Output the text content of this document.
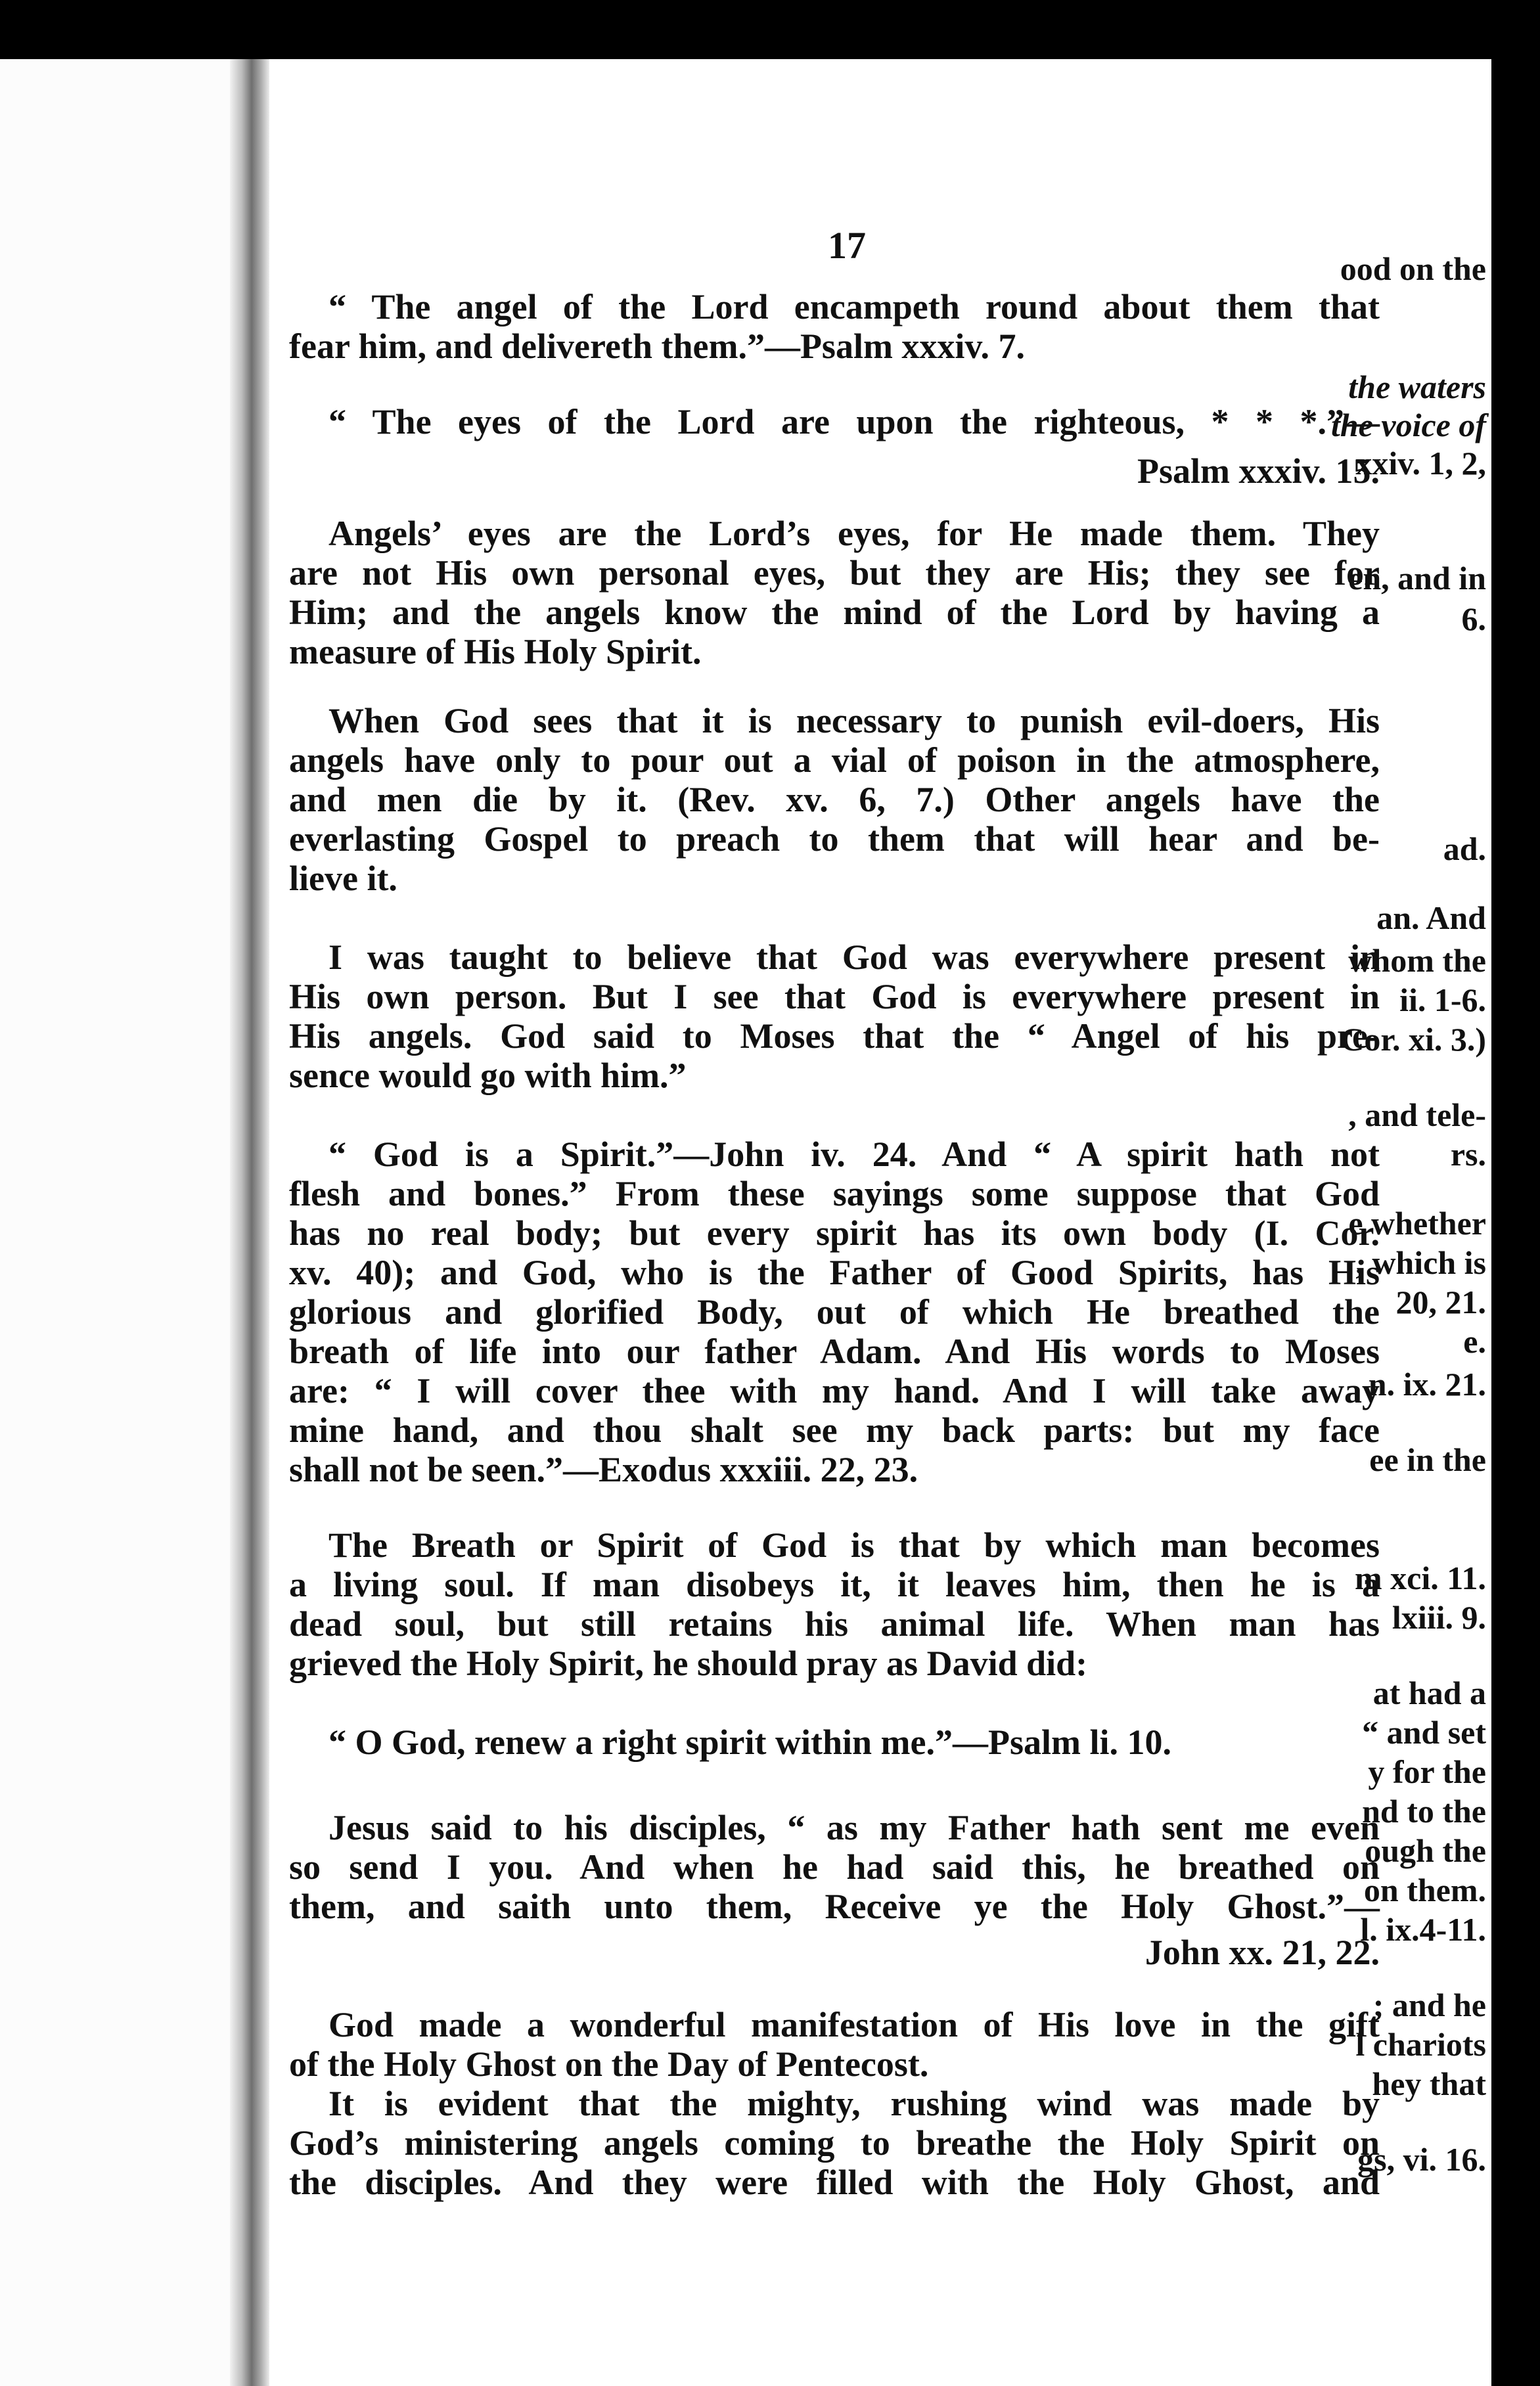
17
ood on the
the waters
the voice of
xxiv. 1, 2,
en, and in
6.
ad.
an. And
whom the
ii. 1-6.
Cor. xi. 3.)
, and tele-
rs.
e whether
, which is
20, 21.
e.
n. ix. 21.
ee in the
m xci. 11.
lxiii. 9.
at had a
“ and set
y for the
nd to the
ough the
on them.
l. ix.4-11.
; and he
l chariots
hey that
gs, vi. 16.
“ The angel of the Lord encampeth round about them that
fear him, and delivereth them.”—Psalm xxxiv. 7.
“ The eyes of the Lord are upon the righteous, * * *.”—
Psalm xxxiv. 15.
Angels’ eyes are the Lord’s eyes, for He made them. They
are not His own personal eyes, but they are His; they see for
Him; and the angels know the mind of the Lord by having a
measure of His Holy Spirit.
When God sees that it is necessary to punish evil-doers, His
angels have only to pour out a vial of poison in the atmosphere,
and men die by it. (Rev. xv. 6, 7.) Other angels have the
everlasting Gospel to preach to them that will hear and be-
lieve it.
I was taught to believe that God was everywhere present in
His own person. But I see that God is everywhere present in
His angels. God said to Moses that the “ Angel of his pre-
sence would go with him.”
“ God is a Spirit.”—John iv. 24. And “ A spirit hath not
flesh and bones.” From these sayings some suppose that God
has no real body; but every spirit has its own body (I. Cor.
xv. 40); and God, who is the Father of Good Spirits, has His
glorious and glorified Body, out of which He breathed the
breath of life into our father Adam. And His words to Moses
are: “ I will cover thee with my hand. And I will take away
mine hand, and thou shalt see my back parts: but my face
shall not be seen.”—Exodus xxxiii. 22, 23.
The Breath or Spirit of God is that by which man becomes
a living soul. If man disobeys it, it leaves him, then he is a
dead soul, but still retains his animal life. When man has
grieved the Holy Spirit, he should pray as David did:
“ O God, renew a right spirit within me.”—Psalm li. 10.
Jesus said to his disciples, “ as my Father hath sent me even
so send I you. And when he had said this, he breathed on
them, and saith unto them, Receive ye the Holy Ghost.”—
John xx. 21, 22.
God made a wonderful manifestation of His love in the gift
of the Holy Ghost on the Day of Pentecost.
It is evident that the mighty, rushing wind was made by
God’s ministering angels coming to breathe the Holy Spirit on
the disciples. And they were filled with the Holy Ghost, and
